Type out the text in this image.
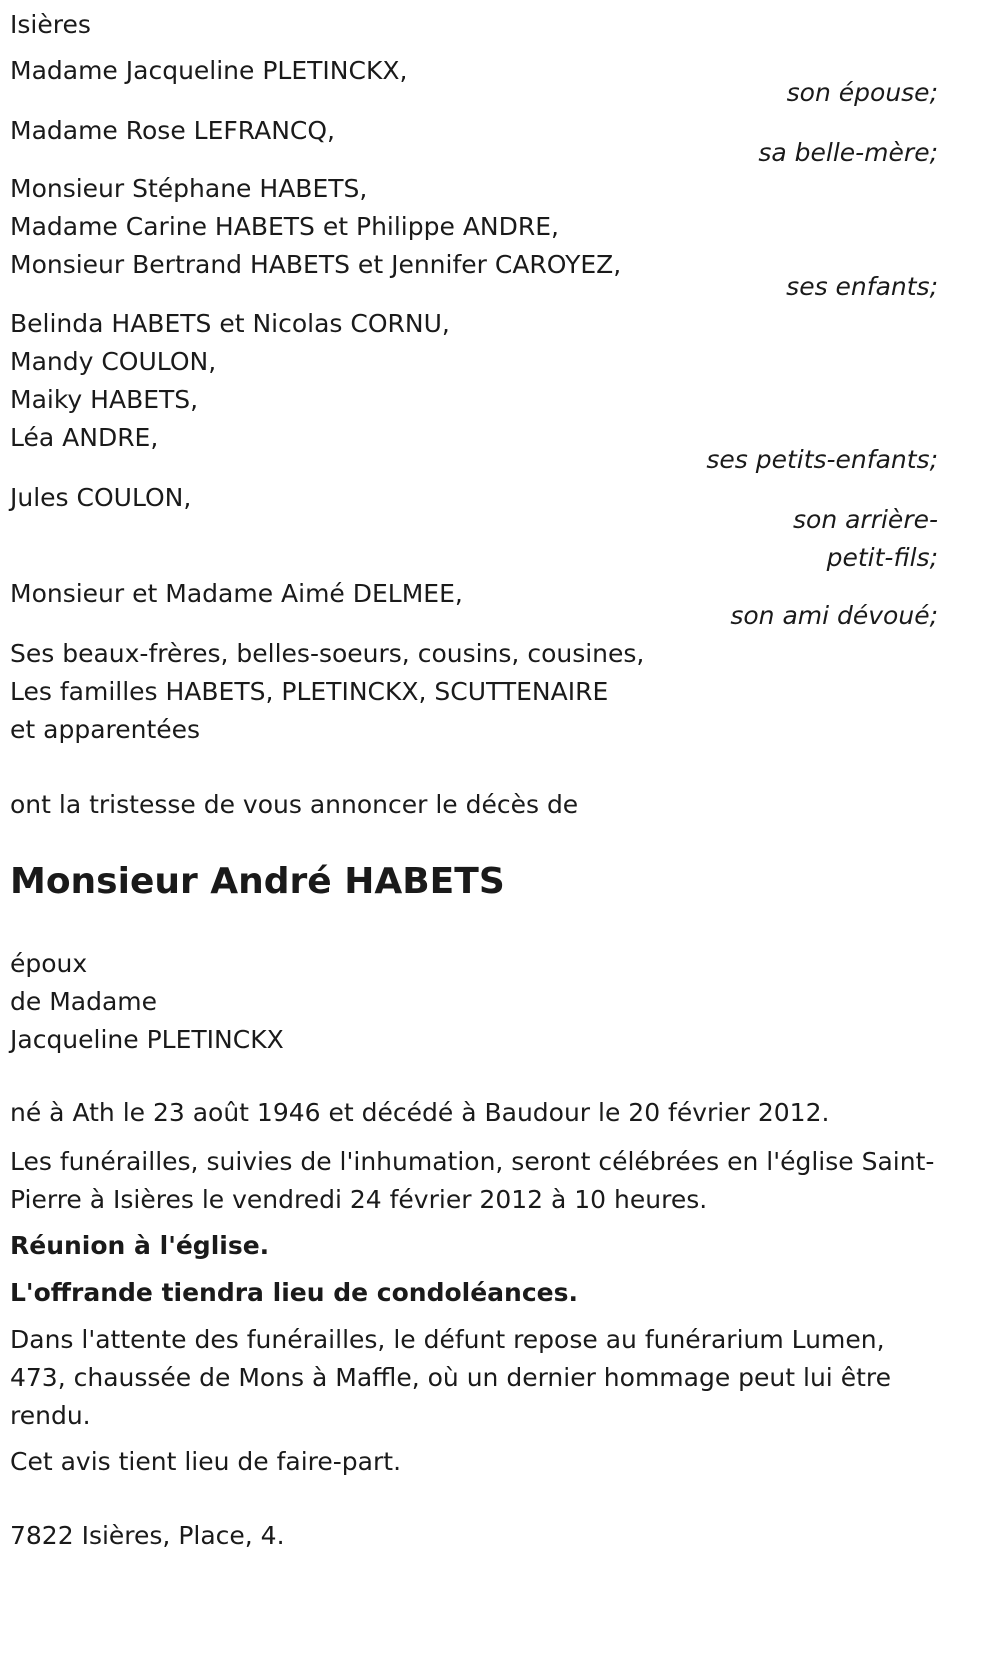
Isières
Madame Jacqueline PLETINCKX,
son épouse;
Madame Rose LEFRANCQ,
sa belle-mère;
Monsieur Stéphane HABETS,
Madame Carine HABETS et Philippe ANDRE,
Monsieur Bertrand HABETS et Jennifer CAROYEZ,
ses enfants;
Belinda HABETS et Nicolas CORNU,
Mandy COULON,
Maiky HABETS,
Léa ANDRE,
ses petits-enfants;
Jules COULON,
son arrière-
petit-fils;
Monsieur et Madame Aimé DELMEE,
son ami dévoué;
Ses beaux-frères, belles-soeurs, cousins, cousines,
Les familles HABETS, PLETINCKX, SCUTTENAIRE
et apparentées
ont la tristesse de vous annoncer le décès de
Monsieur André HABETS
époux
de Madame
Jacqueline PLETINCKX
né à Ath le 23 août 1946 et décédé à Baudour le 20 février 2012.
Les funérailles, suivies de l'inhumation, seront célébrées en l'église Saint-
Pierre à Isières le vendredi 24 février 2012 à 10 heures.
Réunion à l'église.
L'offrande tiendra lieu de condoléances.
Dans l'attente des funérailles, le défunt repose au funérarium Lumen,
473, chaussée de Mons à Maffle, où un dernier hommage peut lui être
rendu.
Cet avis tient lieu de faire-part.
7822 Isières, Place, 4.
